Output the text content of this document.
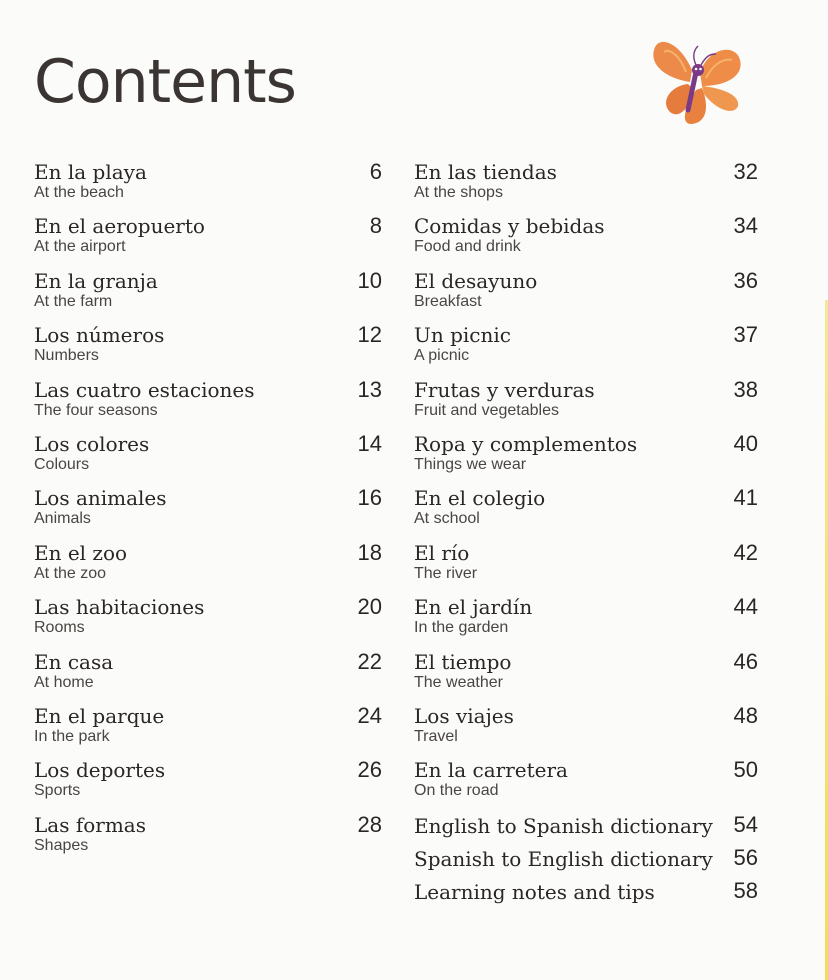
Contents
En la playa
At the beach
6
En el aeropuerto
At the airport
8
En la granja
At the farm
10
Los números
Numbers
12
Las cuatro estaciones
The four seasons
13
Los colores
Colours
14
Los animales
Animals
16
En el zoo
At the zoo
18
Las habitaciones
Rooms
20
En casa
At home
22
En el parque
In the park
24
Los deportes
Sports
26
Las formas
Shapes
28
En las tiendas
At the shops
32
Comidas y bebidas
Food and drink
34
El desayuno
Breakfast
36
Un picnic
A picnic
37
Frutas y verduras
Fruit and vegetables
38
Ropa y complementos
Things we wear
40
En el colegio
At school
41
El río
The river
42
En el jardín
In the garden
44
El tiempo
The weather
46
Los viajes
Travel
48
En la carretera
On the road
50
English to Spanish dictionary 54
Spanish to English dictionary 56
Learning notes and tips	58
